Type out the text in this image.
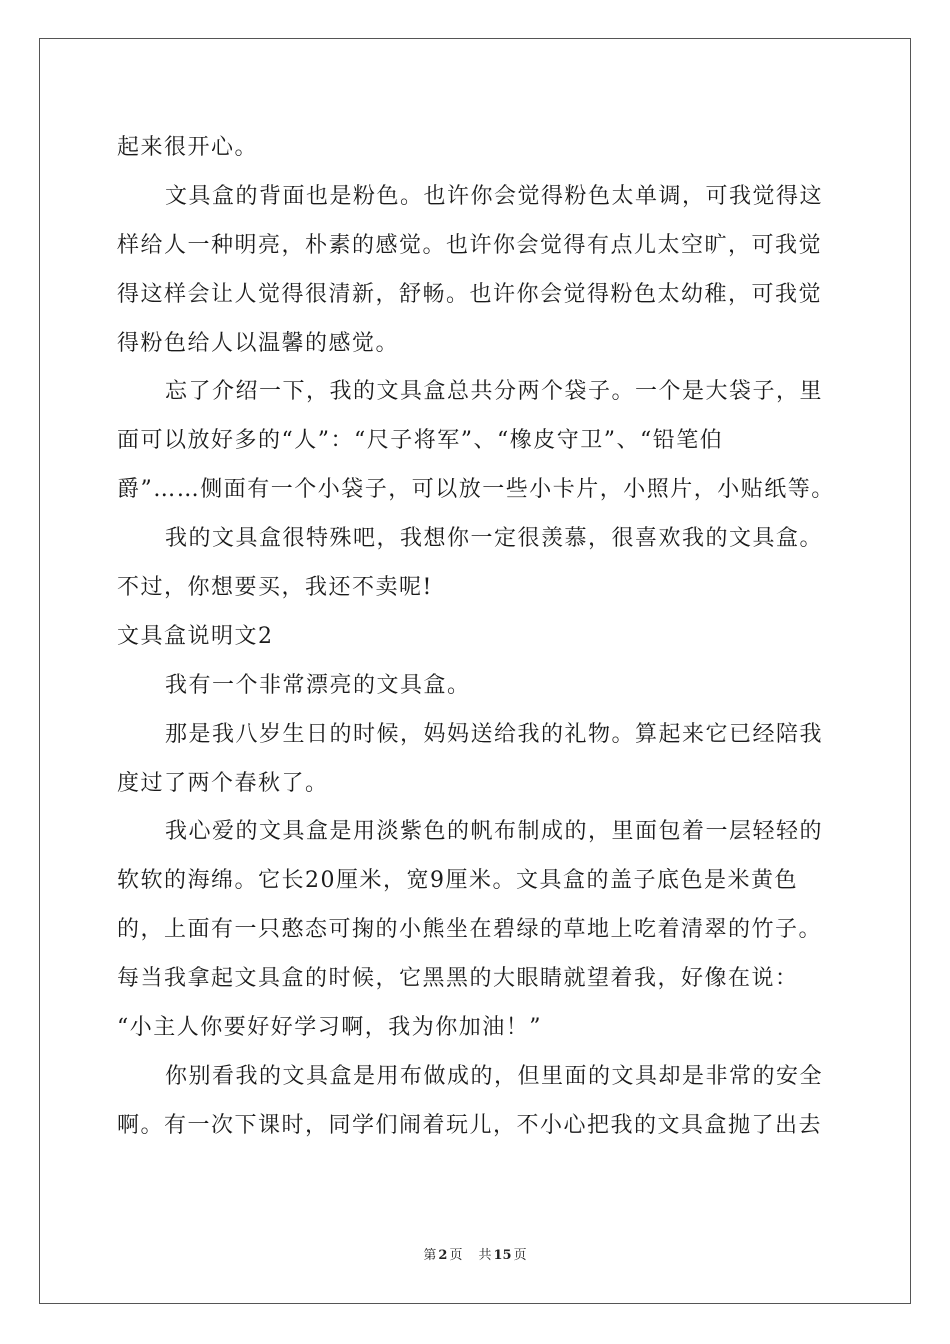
起来很开心。
文具盒的背面也是粉色。也许你会觉得粉色太单调，可我觉得这
样给人一种明亮，朴素的感觉。也许你会觉得有点儿太空旷，可我觉
得这样会让人觉得很清新，舒畅。也许你会觉得粉色太幼稚，可我觉
得粉色给人以温馨的感觉。
忘了介绍一下，我的文具盒总共分两个袋子。一个是大袋子，里
面可以放好多的“人”：“尺子将军”、“橡皮守卫”、“铅笔伯
爵”……侧面有一个小袋子，可以放一些小卡片，小照片，小贴纸等。
我的文具盒很特殊吧，我想你一定很羡慕，很喜欢我的文具盒。
不过，你想要买，我还不卖呢!
文具盒说明文2
我有一个非常漂亮的文具盒。
那是我八岁生日的时候，妈妈送给我的礼物。算起来它已经陪我
度过了两个春秋了。
我心爱的文具盒是用淡紫色的帆布制成的，里面包着一层轻轻的
软软的海绵。它长20厘米，宽9厘米。文具盒的盖子底色是米黄色
的，上面有一只憨态可掬的小熊坐在碧绿的草地上吃着清翠的竹子。
每当我拿起文具盒的时候，它黑黑的大眼睛就望着我，好像在说：
“小主人你要好好学习啊，我为你加油！”
你别看我的文具盒是用布做成的，但里面的文具却是非常的安全
啊。有一次下课时，同学们闹着玩儿，不小心把我的文具盒抛了出去
第 2 页 共 15 页
